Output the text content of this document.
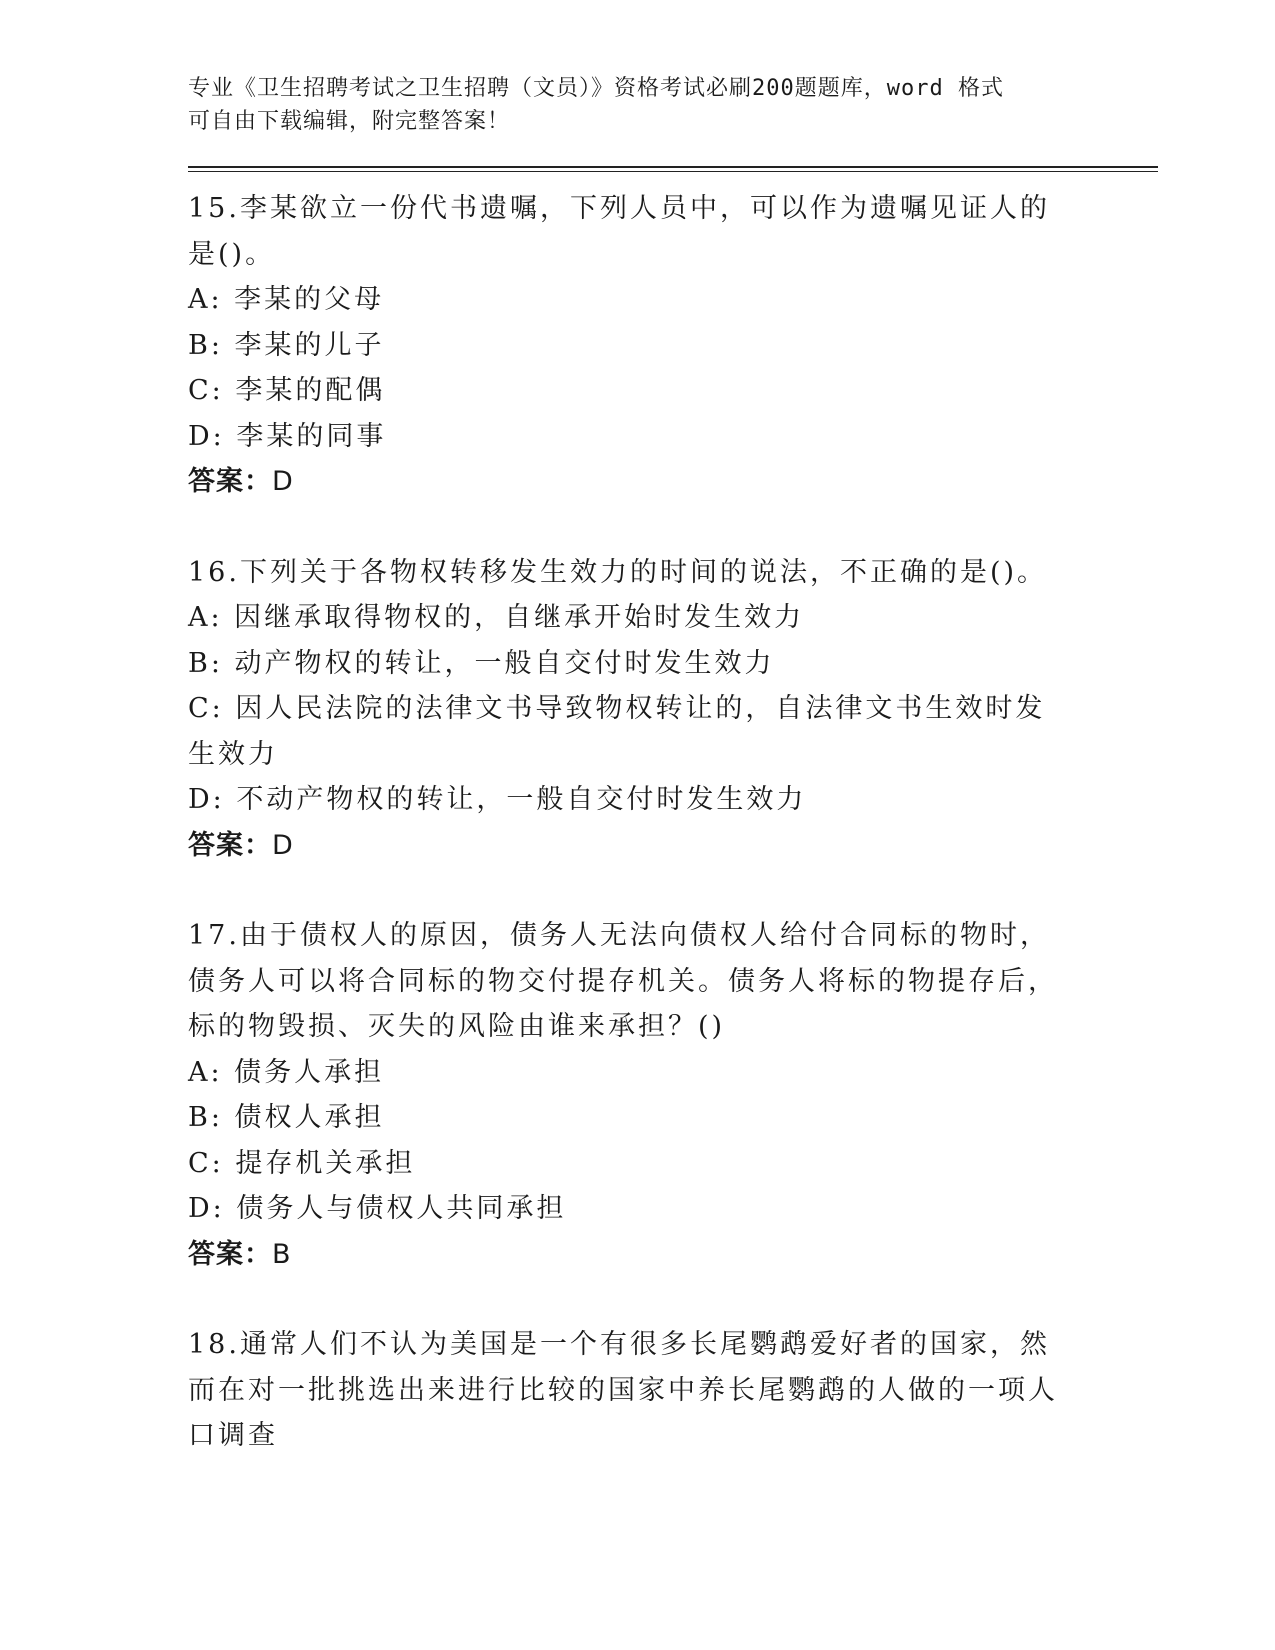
专业《卫生招聘考试之卫生招聘（文员）》资格考试必刷200题题库，word 格式
可自由下载编辑，附完整答案！
15.李某欲立一份代书遗嘱，下列人员中，可以作为遗嘱见证人的是()。
A: 李某的父母
B: 李某的儿子
C: 李某的配偶
D: 李某的同事
答案：D
16.下列关于各物权转移发生效力的时间的说法，不正确的是()。
A: 因继承取得物权的，自继承开始时发生效力
B: 动产物权的转让，一般自交付时发生效力
C: 因人民法院的法律文书导致物权转让的，自法律文书生效时发生效力
D: 不动产物权的转让，一般自交付时发生效力
答案：D
17.由于债权人的原因，债务人无法向债权人给付合同标的物时，债务人可以将合同标的物交付提存机关。债务人将标的物提存后，标的物毁损、灭失的风险由谁来承担？()
A: 债务人承担
B: 债权人承担
C: 提存机关承担
D: 债务人与债权人共同承担
答案：B
18.通常人们不认为美国是一个有很多长尾鹦鹉爱好者的国家，然而在对一批挑选出来进行比较的国家中养长尾鹦鹉的人做的一项人口调查
